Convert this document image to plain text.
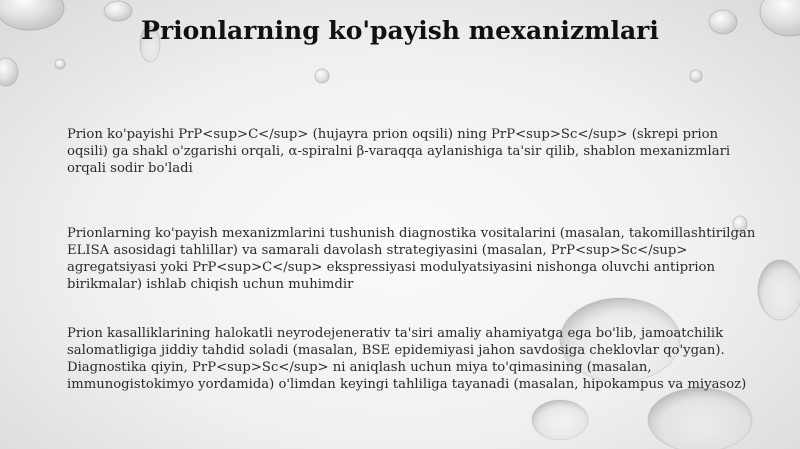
Prionlarning ko'payish mexanizmlari

Prion ko'payishi PrP<sup>C</sup> (hujayra prion oqsili) ning PrP<sup>Sc</sup> (skrepi prion oqsili) ga shakl o'zgarishi orqali, α-spiralni β-varaqqa aylanishiga ta'sir qilib, shablon mexanizmlari orqali sodir bo'ladi

Prionlarning ko'payish mexanizmlarini tushunish diagnostika vositalarini (masalan, takomillashtirilgan ELISA asosidagi tahlillar) va samarali davolash strategiyasini (masalan, PrP<sup>Sc</sup> agregatsiyasi yoki PrP<sup>C</sup> ekspressiyasi modulyatsiyasini nishonga oluvchi antiprion birikmalar) ishlab chiqish uchun muhimdir

Prion kasalliklarining halokatli neyrodejenerativ ta'siri amaliy ahamiyatga ega bo'lib, jamoatchilik salomatligiga jiddiy tahdid soladi (masalan, BSE epidemiyasi jahon savdosiga cheklovlar qo'ygan). Diagnostika qiyin, PrP<sup>Sc</sup> ni aniqlash uchun miya to'qimasining (masalan, immunogistokimyo yordamida) o'limdan keyingi tahliliga tayanadi (masalan, hipokampus va miyasoz)
